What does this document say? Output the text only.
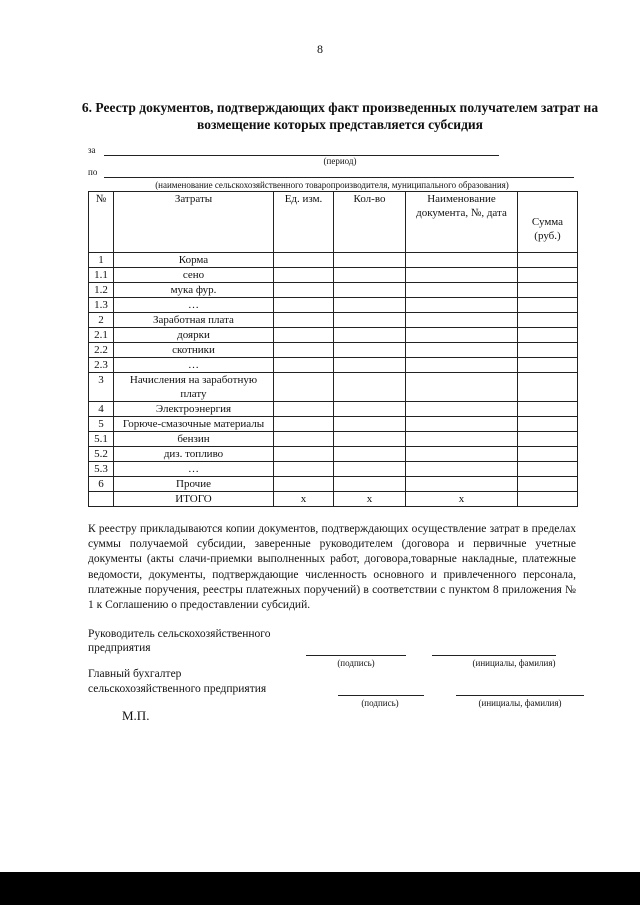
8
6. Реестр документов, подтверждающих факт произведенных получателем затрат на возмещение которых представляется субсидия
за
(период)
по
(наименование сельскохозяйственного товаропроизводителя, муниципального образования)
№	Затраты	Ед. изм.	Кол-во	Наименование документа, №, дата	Сумма (руб.)
1	Корма				
1.1	сено				
1.2	мука фур.				
1.3	…				
2	Заработная плата				
2.1	доярки				
2.2	скотники				
2.3	…				
3	Начисления на заработную плату				
4	Электроэнергия				
5	Горюче-смазочные материалы				
5.1	бензин				
5.2	диз. топливо				
5.3	…				
6	Прочие				
	ИТОГО	х	х	х	
К реестру прикладываются копии документов, подтверждающих осуществление затрат в пределах суммы получаемой субсидии, заверенные руководителем (договора и первичные учетные документы (акты слачи-приемки выполненных работ, договора,товарные накладные, платежные ведомости, документы, подтверждающие численность основного и привлеченного персонала, платежные поручения, реестры платежных поручений) в соответствии с пунктом 8 приложения № 1 к Соглашению о предоставлении субсидий.
Руководитель сельскохозяйственного
предприятия
(подпись)	(инициалы, фамилия)
Главный бухгалтер
сельскохозяйственного предприятия
(подпись)	(инициалы, фамилия)
М.П.
